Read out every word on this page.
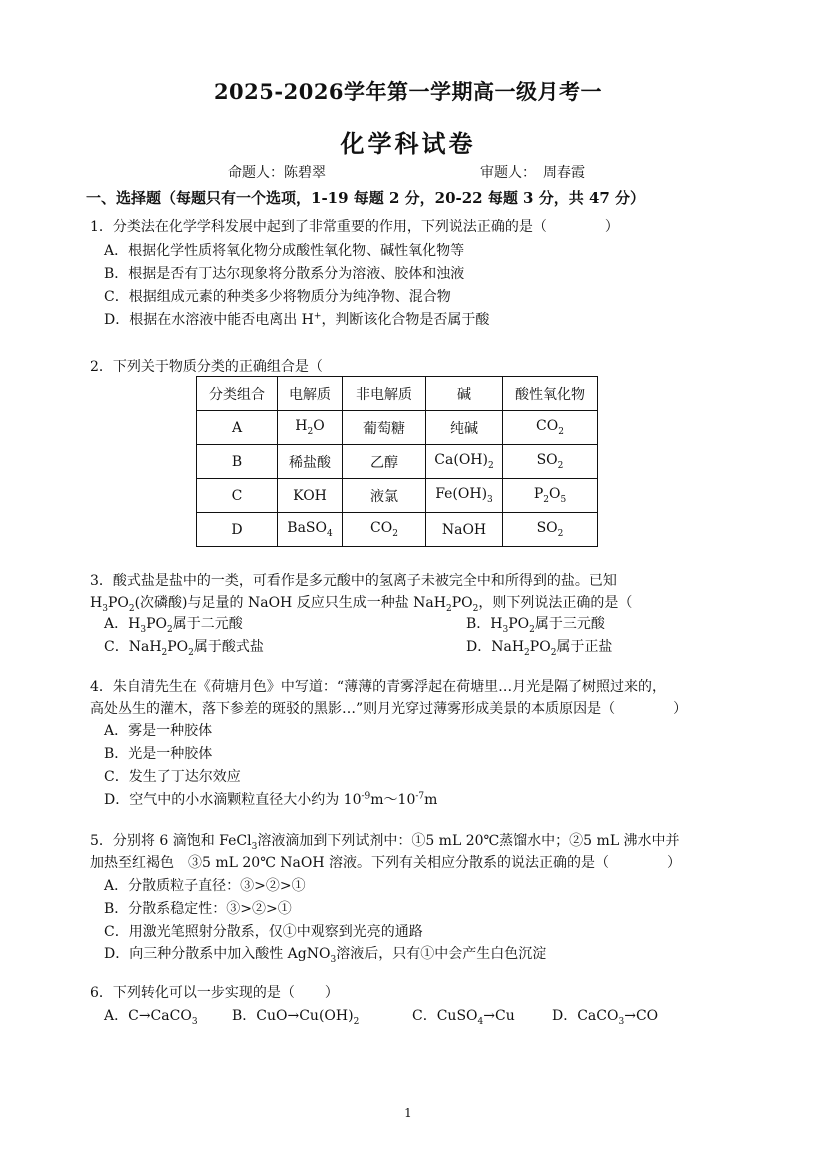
2025-2026学年第一学期高一级月考一
化学科试卷
命题人：陈碧翠	审题人：　周春霞
一、选择题（每题只有一个选项，1-19 每题 2 分，20-22 每题 3 分，共 47 分）
1．分类法在化学学科发展中起到了非常重要的作用，下列说法正确的是（	）
A．根据化学性质将氧化物分成酸性氧化物、碱性氧化物等
B．根据是否有丁达尔现象将分散系分为溶液、胶体和浊液
C．根据组成元素的种类多少将物质分为纯净物、混合物
D．根据在水溶液中能否电离出 H+，判断该化合物是否属于酸
2．下列关于物质分类的正确组合是（
分类组合	电解质	非电解质	碱	酸性氧化物
A	$H_2O$	葡萄糖	纯碱	$CO_2$
B	稀盐酸	乙醇	$Ca(OH)_2$	$SO_2$
C	KOH	液氯	$Fe(OH)_3$	$P_2O_5$
D	BaSO$_4$	$CO_2$	NaOH	$SO_2$
3．酸式盐是盐中的一类，可看作是多元酸中的氢离子未被完全中和所得到的盐。已知
$H_3PO_2$(次磷酸)与足量的 NaOH 反应只生成一种盐 $NaH_2PO_2$，则下列说法正确的是（
A．$H_3PO_2$属于二元酸	B．$H_3PO_2$属于三元酸
C．$NaH_2PO_2$属于酸式盐	D．$NaH_2PO_2$属于正盐
4．朱自清先生在《荷塘月色》中写道：“薄薄的青雾浮起在荷塘里…月光是隔了树照过来的，
高处丛生的灌木，落下参差的斑驳的黑影…”则月光穿过薄雾形成美景的本质原因是（	）
A．雾是一种胶体
B．光是一种胶体
C．发生了丁达尔效应
D．空气中的小水滴颗粒直径大小约为 $10^{-9}m\sim 10^{-7}m$
5．分别将 6 滴饱和 FeCl$_3$溶液滴加到下列试剂中：①5 mL 20℃蒸馏水中；②5 mL 沸水中并
加热至红褐色　③5 mL 20℃ NaOH 溶液。下列有关相应分散系的说法正确的是（	）
A．分散质粒子直径：③>②>①
B．分散系稳定性：③>②>①
C．用激光笔照射分散系，仅①中观察到光亮的通路
D．向三种分散系中加入酸性 AgNO$_3$溶液后，只有①中会产生白色沉淀
6．下列转化可以一步实现的是（ ）
A．C→CaCO$_3$ B．$CuO\to Cu(OH)_2$	C．CuSO$_4$→Cu	D．CaCO$_3$→CO
1
